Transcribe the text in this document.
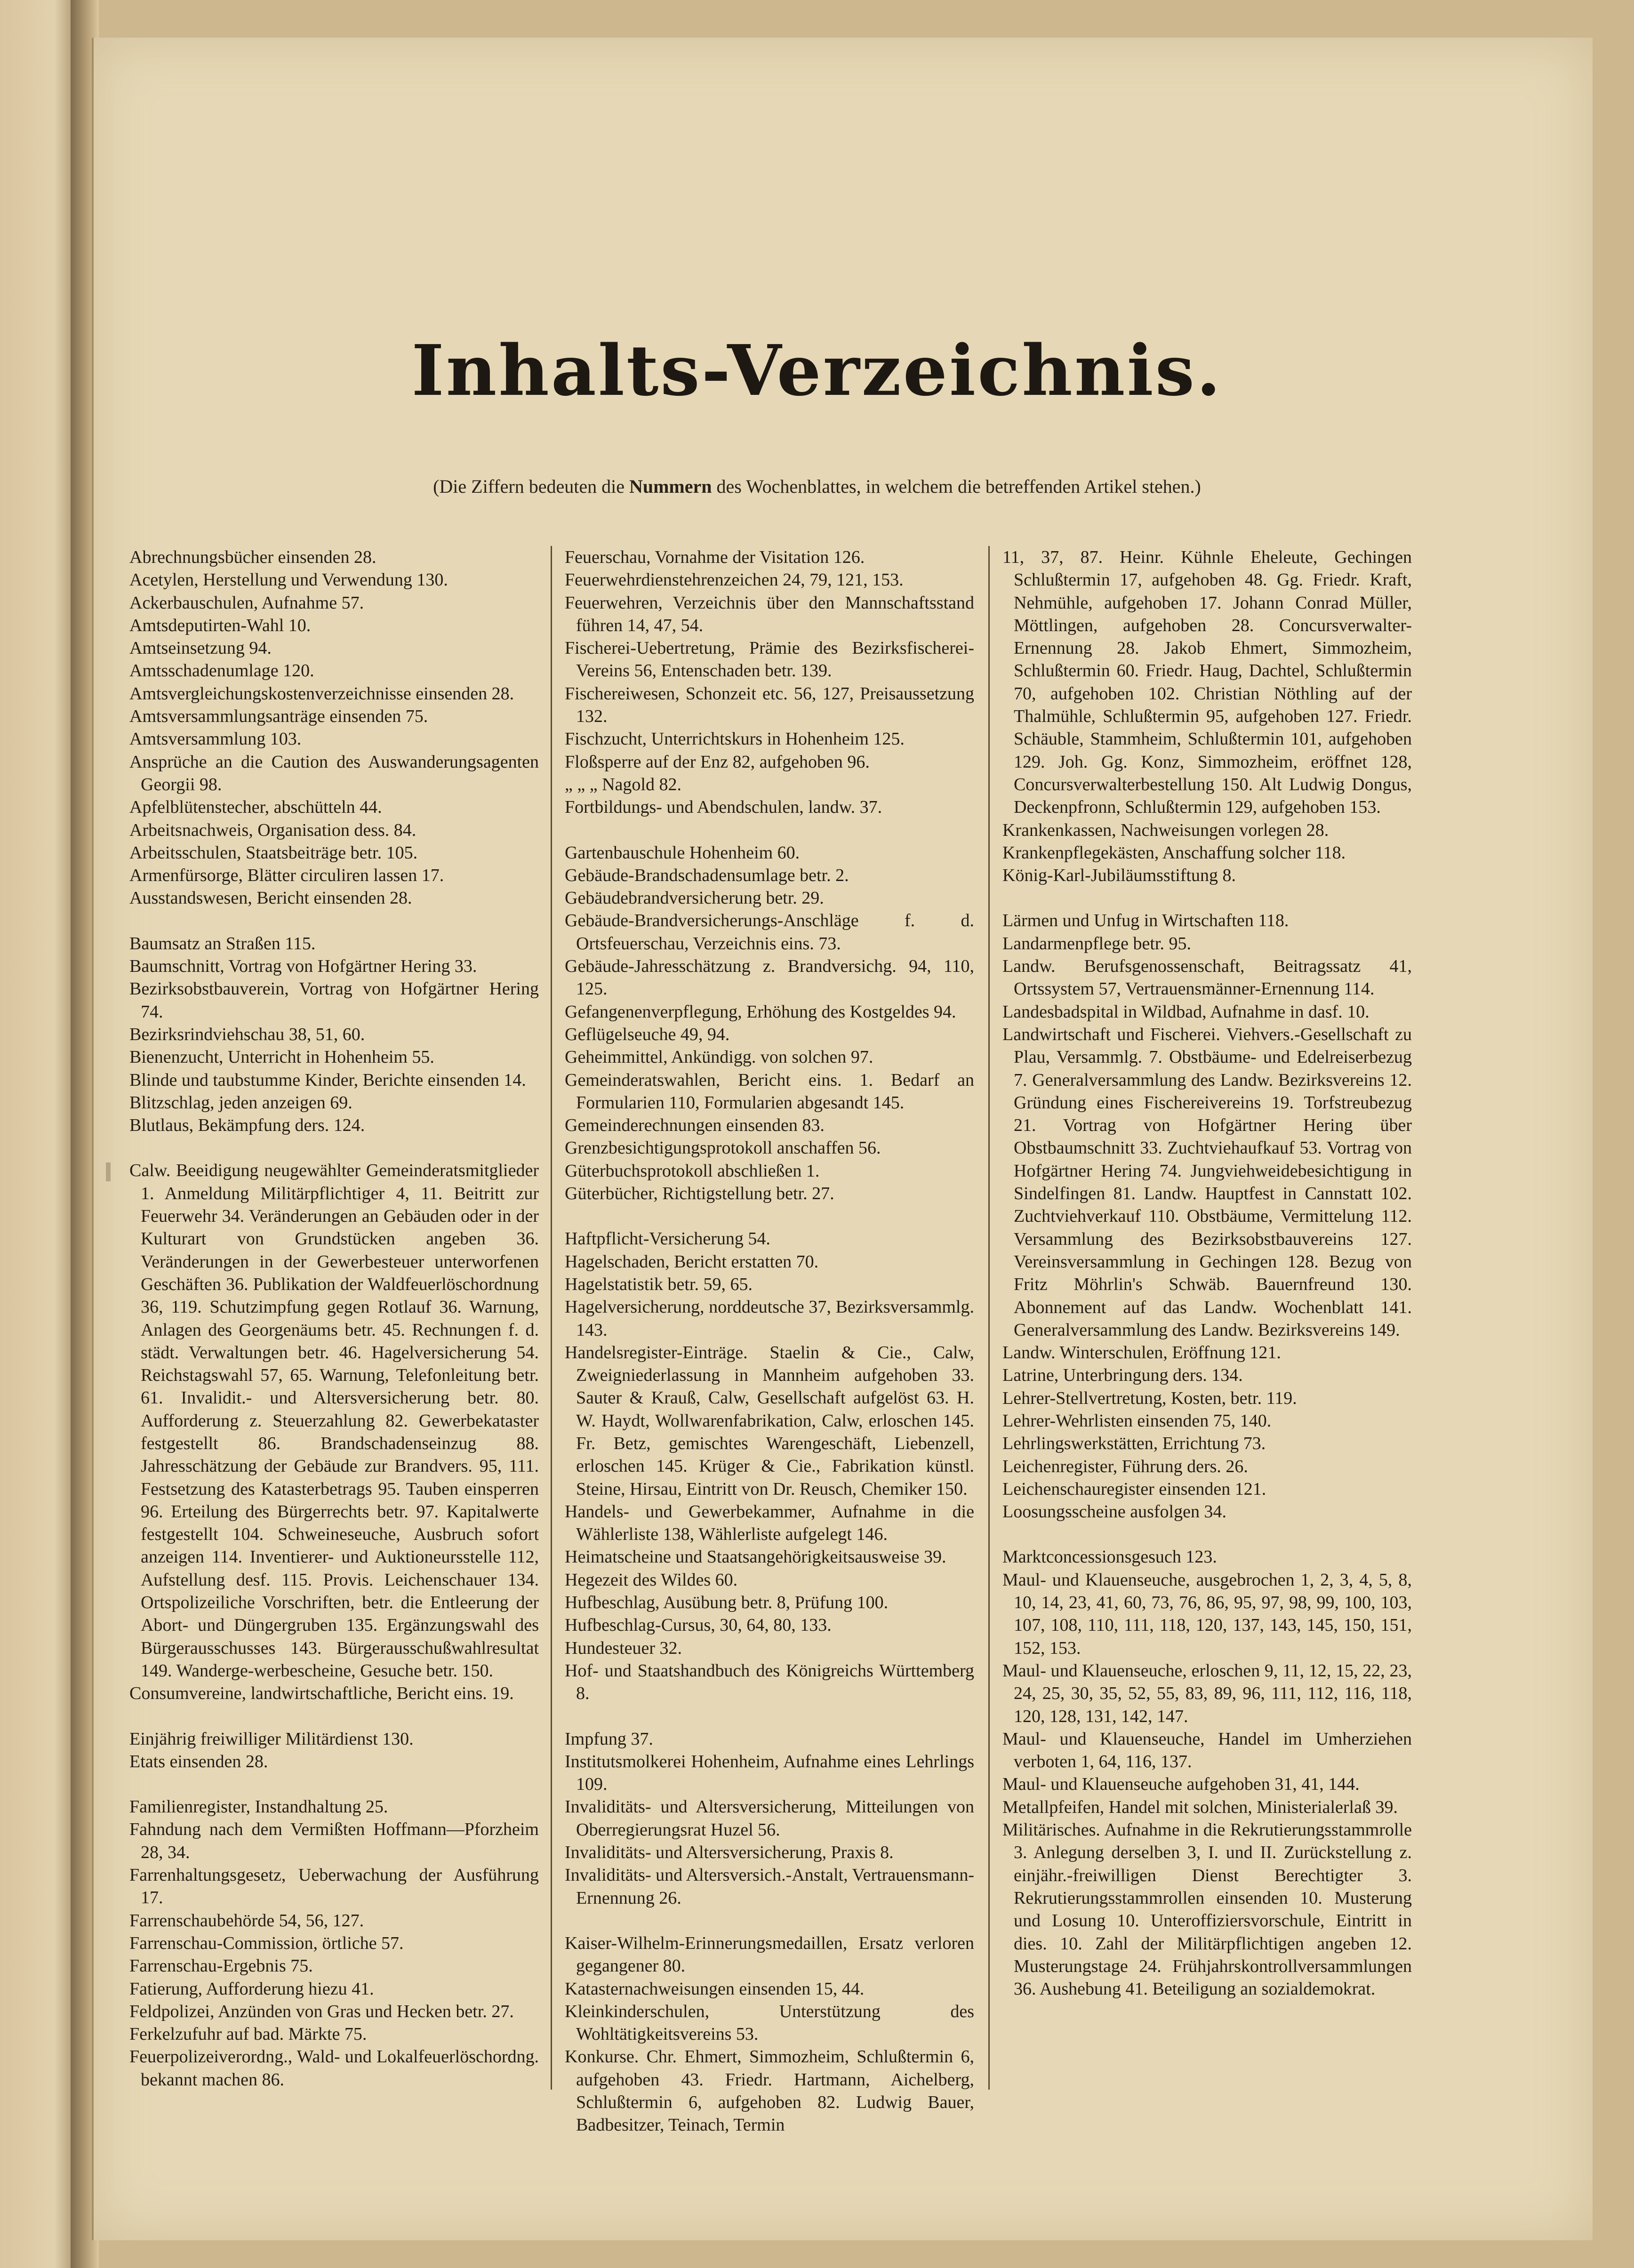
Inhalts-Verzeichnis.
(Die Ziffern bedeuten die Nummern des Wochenblattes, in welchem die betreffenden Artikel stehen.)

Abrechnungsbücher einsenden 28.

Acetylen, Herstellung und Verwendung 130.

Ackerbauschulen, Aufnahme 57.

Amtsdeputirten-Wahl 10.

Amtseinsetzung 94.

Amtsschadenumlage 120.

Amtsvergleichungskostenverzeichnisse einsenden 28.

Amtsversammlungsanträge einsenden 75.

Amtsversammlung 103.

Ansprüche an die Caution des Auswanderungsagenten Georgii 98.

Apfelblütenstecher, abschütteln 44.

Arbeitsnachweis, Organisation dess. 84.

Arbeitsschulen, Staatsbeiträge betr. 105.

Armenfürsorge, Blätter circuliren lassen 17.

Ausstandswesen, Bericht einsenden 28.

Baumsatz an Straßen 115.

Baumschnitt, Vortrag von Hofgärtner Hering 33.

Bezirksobstbauverein, Vortrag von Hofgärtner Hering 74.

Bezirksrindviehschau 38, 51, 60.

Bienenzucht, Unterricht in Hohenheim 55.

Blinde und taubstumme Kinder, Berichte einsenden 14.

Blitzschlag, jeden anzeigen 69.

Blutlaus, Bekämpfung ders. 124.

Calw. Beeidigung neugewählter Gemeinderatsmitglieder 1. Anmeldung Militärpflichtiger 4, 11. Beitritt zur Feuerwehr 34. Veränderungen an Gebäuden oder in der Kulturart von Grundstücken angeben 36. Veränderungen in der Gewerbesteuer unterworfenen Geschäften 36. Publikation der Waldfeuerlöschordnung 36, 119. Schutzimpfung gegen Rotlauf 36. Warnung, Anlagen des Georgenäums betr. 45. Rechnungen f. d. städt. Verwaltungen betr. 46. Hagelversicherung 54. Reichstagswahl 57, 65. Warnung, Telefonleitung betr. 61. Invalidit.- und Altersversicherung betr. 80. Aufforderung z. Steuerzahlung 82. Gewerbekataster festgestellt 86. Brandschadenseinzug 88. Jahresschätzung der Gebäude zur Brandvers. 95, 111. Festsetzung des Katasterbetrags 95. Tauben einsperren 96. Erteilung des Bürgerrechts betr. 97. Kapitalwerte festgestellt 104. Schweineseuche, Ausbruch sofort anzeigen 114. Inventierer- und Auktioneursstelle 112, Aufstellung desf. 115. Provis. Leichenschauer 134. Ortspolizeiliche Vorschriften, betr. die Entleerung der Abort- und Düngergruben 135. Ergänzungswahl des Bürgerausschusses 143. Bürgerausschußwahlresultat 149. Wanderge-werbescheine, Gesuche betr. 150.

Consumvereine, landwirtschaftliche, Bericht eins. 19.

Einjährig freiwilliger Militärdienst 130.

Etats einsenden 28.

Familienregister, Instandhaltung 25.

Fahndung nach dem Vermißten Hoffmann—Pforzheim 28, 34.

Farrenhaltungsgesetz, Ueberwachung der Ausführung 17.

Farrenschaubehörde 54, 56, 127.

Farrenschau-Commission, örtliche 57.

Farrenschau-Ergebnis 75.

Fatierung, Aufforderung hiezu 41.

Feldpolizei, Anzünden von Gras und Hecken betr. 27.

Ferkelzufuhr auf bad. Märkte 75.

Feuerpolizeiverordng., Wald- und Lokalfeuerlöschordng. bekannt machen 86.

Feuerschau, Vornahme der Visitation 126.

Feuerwehrdienstehrenzeichen 24, 79, 121, 153.

Feuerwehren, Verzeichnis über den Mannschaftsstand führen 14, 47, 54.

Fischerei-Uebertretung, Prämie des Bezirksfischerei-Vereins 56, Entenschaden betr. 139.

Fischereiwesen, Schonzeit etc. 56, 127, Preisaussetzung 132.

Fischzucht, Unterrichtskurs in Hohenheim 125.

Floßsperre auf der Enz 82, aufgehoben 96.

„ „ „ Nagold 82.

Fortbildungs- und Abendschulen, landw. 37.

Gartenbauschule Hohenheim 60.

Gebäude-Brandschadensumlage betr. 2.

Gebäudebrandversicherung betr. 29.

Gebäude-Brandversicherungs-Anschläge f. d. Ortsfeuerschau, Verzeichnis eins. 73.

Gebäude-Jahresschätzung z. Brandversichg. 94, 110, 125.

Gefangenenverpflegung, Erhöhung des Kostgeldes 94.

Geflügelseuche 49, 94.

Geheimmittel, Ankündigg. von solchen 97.

Gemeinderatswahlen, Bericht eins. 1. Bedarf an Formularien 110, Formularien abgesandt 145.

Gemeinderechnungen einsenden 83.

Grenzbesichtigungsprotokoll anschaffen 56.

Güterbuchsprotokoll abschließen 1.

Güterbücher, Richtigstellung betr. 27.

Haftpflicht-Versicherung 54.

Hagelschaden, Bericht erstatten 70.

Hagelstatistik betr. 59, 65.

Hagelversicherung, norddeutsche 37, Bezirksversammlg. 143.

Handelsregister-Einträge. Staelin & Cie., Calw, Zweigniederlassung in Mannheim aufgehoben 33. Sauter & Krauß, Calw, Gesellschaft aufgelöst 63. H. W. Haydt, Wollwarenfabrikation, Calw, erloschen 145. Fr. Betz, gemischtes Warengeschäft, Liebenzell, erloschen 145. Krüger & Cie., Fabrikation künstl. Steine, Hirsau, Eintritt von Dr. Reusch, Chemiker 150.

Handels- und Gewerbekammer, Aufnahme in die Wählerliste 138, Wählerliste aufgelegt 146.

Heimatscheine und Staatsangehörigkeitsausweise 39.

Hegezeit des Wildes 60.

Hufbeschlag, Ausübung betr. 8, Prüfung 100.

Hufbeschlag-Cursus, 30, 64, 80, 133.

Hundesteuer 32.

Hof- und Staatshandbuch des Königreichs Württemberg 8.

Impfung 37.

Institutsmolkerei Hohenheim, Aufnahme eines Lehrlings 109.

Invaliditäts- und Altersversicherung, Mitteilungen von Oberregierungsrat Huzel 56.

Invaliditäts- und Altersversicherung, Praxis 8.

Invaliditäts- und Altersversich.-Anstalt, Vertrauensmann-Ernennung 26.

Kaiser-Wilhelm-Erinnerungsmedaillen, Ersatz verloren gegangener 80.

Katasternachweisungen einsenden 15, 44.

Kleinkinderschulen, Unterstützung des Wohltätigkeitsvereins 53.

Konkurse. Chr. Ehmert, Simmozheim, Schlußtermin 6, aufgehoben 43. Friedr. Hartmann, Aichelberg, Schlußtermin 6, aufgehoben 82. Ludwig Bauer, Badbesitzer, Teinach, Termin

11, 37, 87. Heinr. Kühnle Eheleute, Gechingen Schlußtermin 17, aufgehoben 48. Gg. Friedr. Kraft, Nehmühle, aufgehoben 17. Johann Conrad Müller, Möttlingen, aufgehoben 28. Concursverwalter-Ernennung 28. Jakob Ehmert, Simmozheim, Schlußtermin 60. Friedr. Haug, Dachtel, Schlußtermin 70, aufgehoben 102. Christian Nöthling auf der Thalmühle, Schlußtermin 95, aufgehoben 127. Friedr. Schäuble, Stammheim, Schlußtermin 101, aufgehoben 129. Joh. Gg. Konz, Simmozheim, eröffnet 128, Concursverwalterbestellung 150. Alt Ludwig Dongus, Deckenpfronn, Schlußtermin 129, aufgehoben 153.

Krankenkassen, Nachweisungen vorlegen 28.

Krankenpflegekästen, Anschaffung solcher 118.

König-Karl-Jubiläumsstiftung 8.

Lärmen und Unfug in Wirtschaften 118.

Landarmenpflege betr. 95.

Landw. Berufsgenossenschaft, Beitragssatz 41, Ortssystem 57, Vertrauensmänner-Ernennung 114.

Landesbadspital in Wildbad, Aufnahme in dasf. 10.

Landwirtschaft und Fischerei. Viehvers.-Gesellschaft zu Plau, Versammlg. 7. Obstbäume- und Edelreiserbezug 7. Generalversammlung des Landw. Bezirksvereins 12. Gründung eines Fischereivereins 19. Torfstreubezug 21. Vortrag von Hofgärtner Hering über Obstbaumschnitt 33. Zuchtviehaufkauf 53. Vortrag von Hofgärtner Hering 74. Jungviehweidebesichtigung in Sindelfingen 81. Landw. Hauptfest in Cannstatt 102. Zuchtviehverkauf 110. Obstbäume, Vermittelung 112. Versammlung des Bezirksobstbauvereins 127. Vereinsversammlung in Gechingen 128. Bezug von Fritz Möhrlin's Schwäb. Bauernfreund 130. Abonnement auf das Landw. Wochenblatt 141. Generalversammlung des Landw. Bezirksvereins 149.

Landw. Winterschulen, Eröffnung 121.

Latrine, Unterbringung ders. 134.

Lehrer-Stellvertretung, Kosten, betr. 119.

Lehrer-Wehrlisten einsenden 75, 140.

Lehrlingswerkstätten, Errichtung 73.

Leichenregister, Führung ders. 26.

Leichenschauregister einsenden 121.

Loosungsscheine ausfolgen 34.

Marktconcessionsgesuch 123.

Maul- und Klauenseuche, ausgebrochen 1, 2, 3, 4, 5, 8, 10, 14, 23, 41, 60, 73, 76, 86, 95, 97, 98, 99, 100, 103, 107, 108, 110, 111, 118, 120, 137, 143, 145, 150, 151, 152, 153.

Maul- und Klauenseuche, erloschen 9, 11, 12, 15, 22, 23, 24, 25, 30, 35, 52, 55, 83, 89, 96, 111, 112, 116, 118, 120, 128, 131, 142, 147.

Maul- und Klauenseuche, Handel im Umherziehen verboten 1, 64, 116, 137.

Maul- und Klauenseuche aufgehoben 31, 41, 144.

Metallpfeifen, Handel mit solchen, Ministerialerlaß 39.

Militärisches. Aufnahme in die Rekrutierungsstammrolle 3. Anlegung derselben 3, I. und II. Zurückstellung z. einjähr.-freiwilligen Dienst Berechtigter 3. Rekrutierungsstammrollen einsenden 10. Musterung und Losung 10. Unteroffiziersvorschule, Eintritt in dies. 10. Zahl der Militärpflichtigen angeben 12. Musterungstage 24. Frühjahrskontrollversammlungen 36. Aushebung 41. Beteiligung an sozialdemokrat.
